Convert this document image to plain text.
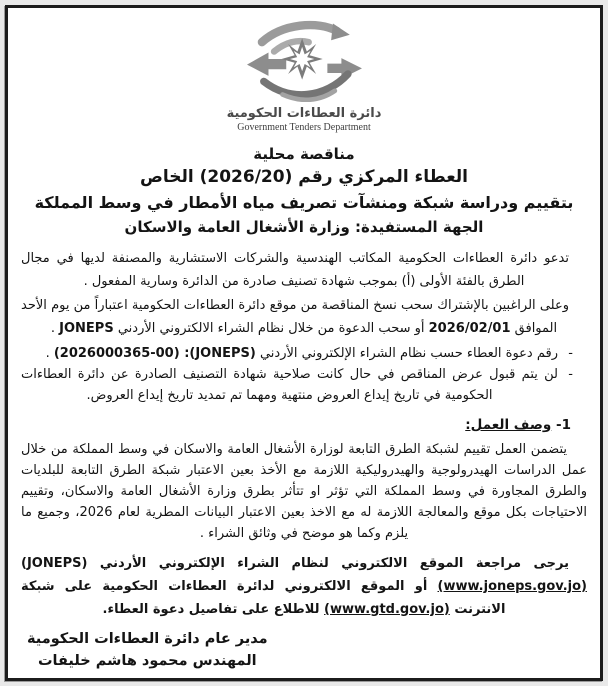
دائرة العطاءات الحكومية
Government Tenders Department
مناقصة محلية
العطاء المركزي رقم (2026/20) الخاص
بتقييم ودراسة شبكة ومنشآت تصريف مياه الأمطار في وسط المملكة
الجهة المستفيدة: وزارة الأشغال العامة والاسكان

تدعو دائرة العطاءات الحكومية المكاتب الهندسية والشركات الاستشارية والمصنفة لديها في مجال الطرق بالفئة الأولى (أ) بموجب شهادة تصنيف صادرة من الدائرة وسارية المفعول .

وعلى الراغبين بالإشتراك سحب نسخ المناقصة من موقع دائرة العطاءات الحكومية اعتباراً من يوم الأحد الموافق 2026/02/01 أو سحب الدعوة من خلال نظام الشراء الالكتروني الأردني JONEPS .

-
رقم دعوة العطاء حسب نظام الشراء الإلكتروني الأردني (JONEPS): (2026000365-00) .
-
لن يتم قبول عرض المناقص في حال كانت صلاحية شهادة التصنيف الصادرة عن دائرة العطاءات الحكومية في تاريخ إيداع العروض منتهية ومهما تم تمديد تاريخ إيداع العروض.
1- وصف العمل:

يتضمن العمل تقييم لشبكة الطرق التابعة لوزارة الأشغال العامة والاسكان في وسط المملكة من خلال عمل الدراسات الهيدرولوجية والهيدروليكية اللازمة مع الأخذ بعين الاعتبار شبكة الطرق التابعة للبلديات والطرق المجاورة في وسط المملكة التي تؤثر او تتأثر بطرق وزارة الأشغال العامة والاسكان، وتقييم الاحتياجات بكل موقع والمعالجة اللازمة له مع الاخذ بعين الاعتبار البيانات المطرية لعام 2026، وجميع ما يلزم وكما هو موضح في وثائق الشراء .

يرجى مراجعة الموقع الالكتروني لنظام الشراء الإلكتروني الأردني (JONEPS) (www.joneps.gov.jo) أو الموقع الالكتروني لدائرة العطاءات الحكومية على شبكة الانترنت (www.gtd.gov.jo) للاطلاع على تفاصيل دعوة العطاء.

مدير عام دائرة العطاءات الحكومية
المهندس محمود هاشم خليفات
